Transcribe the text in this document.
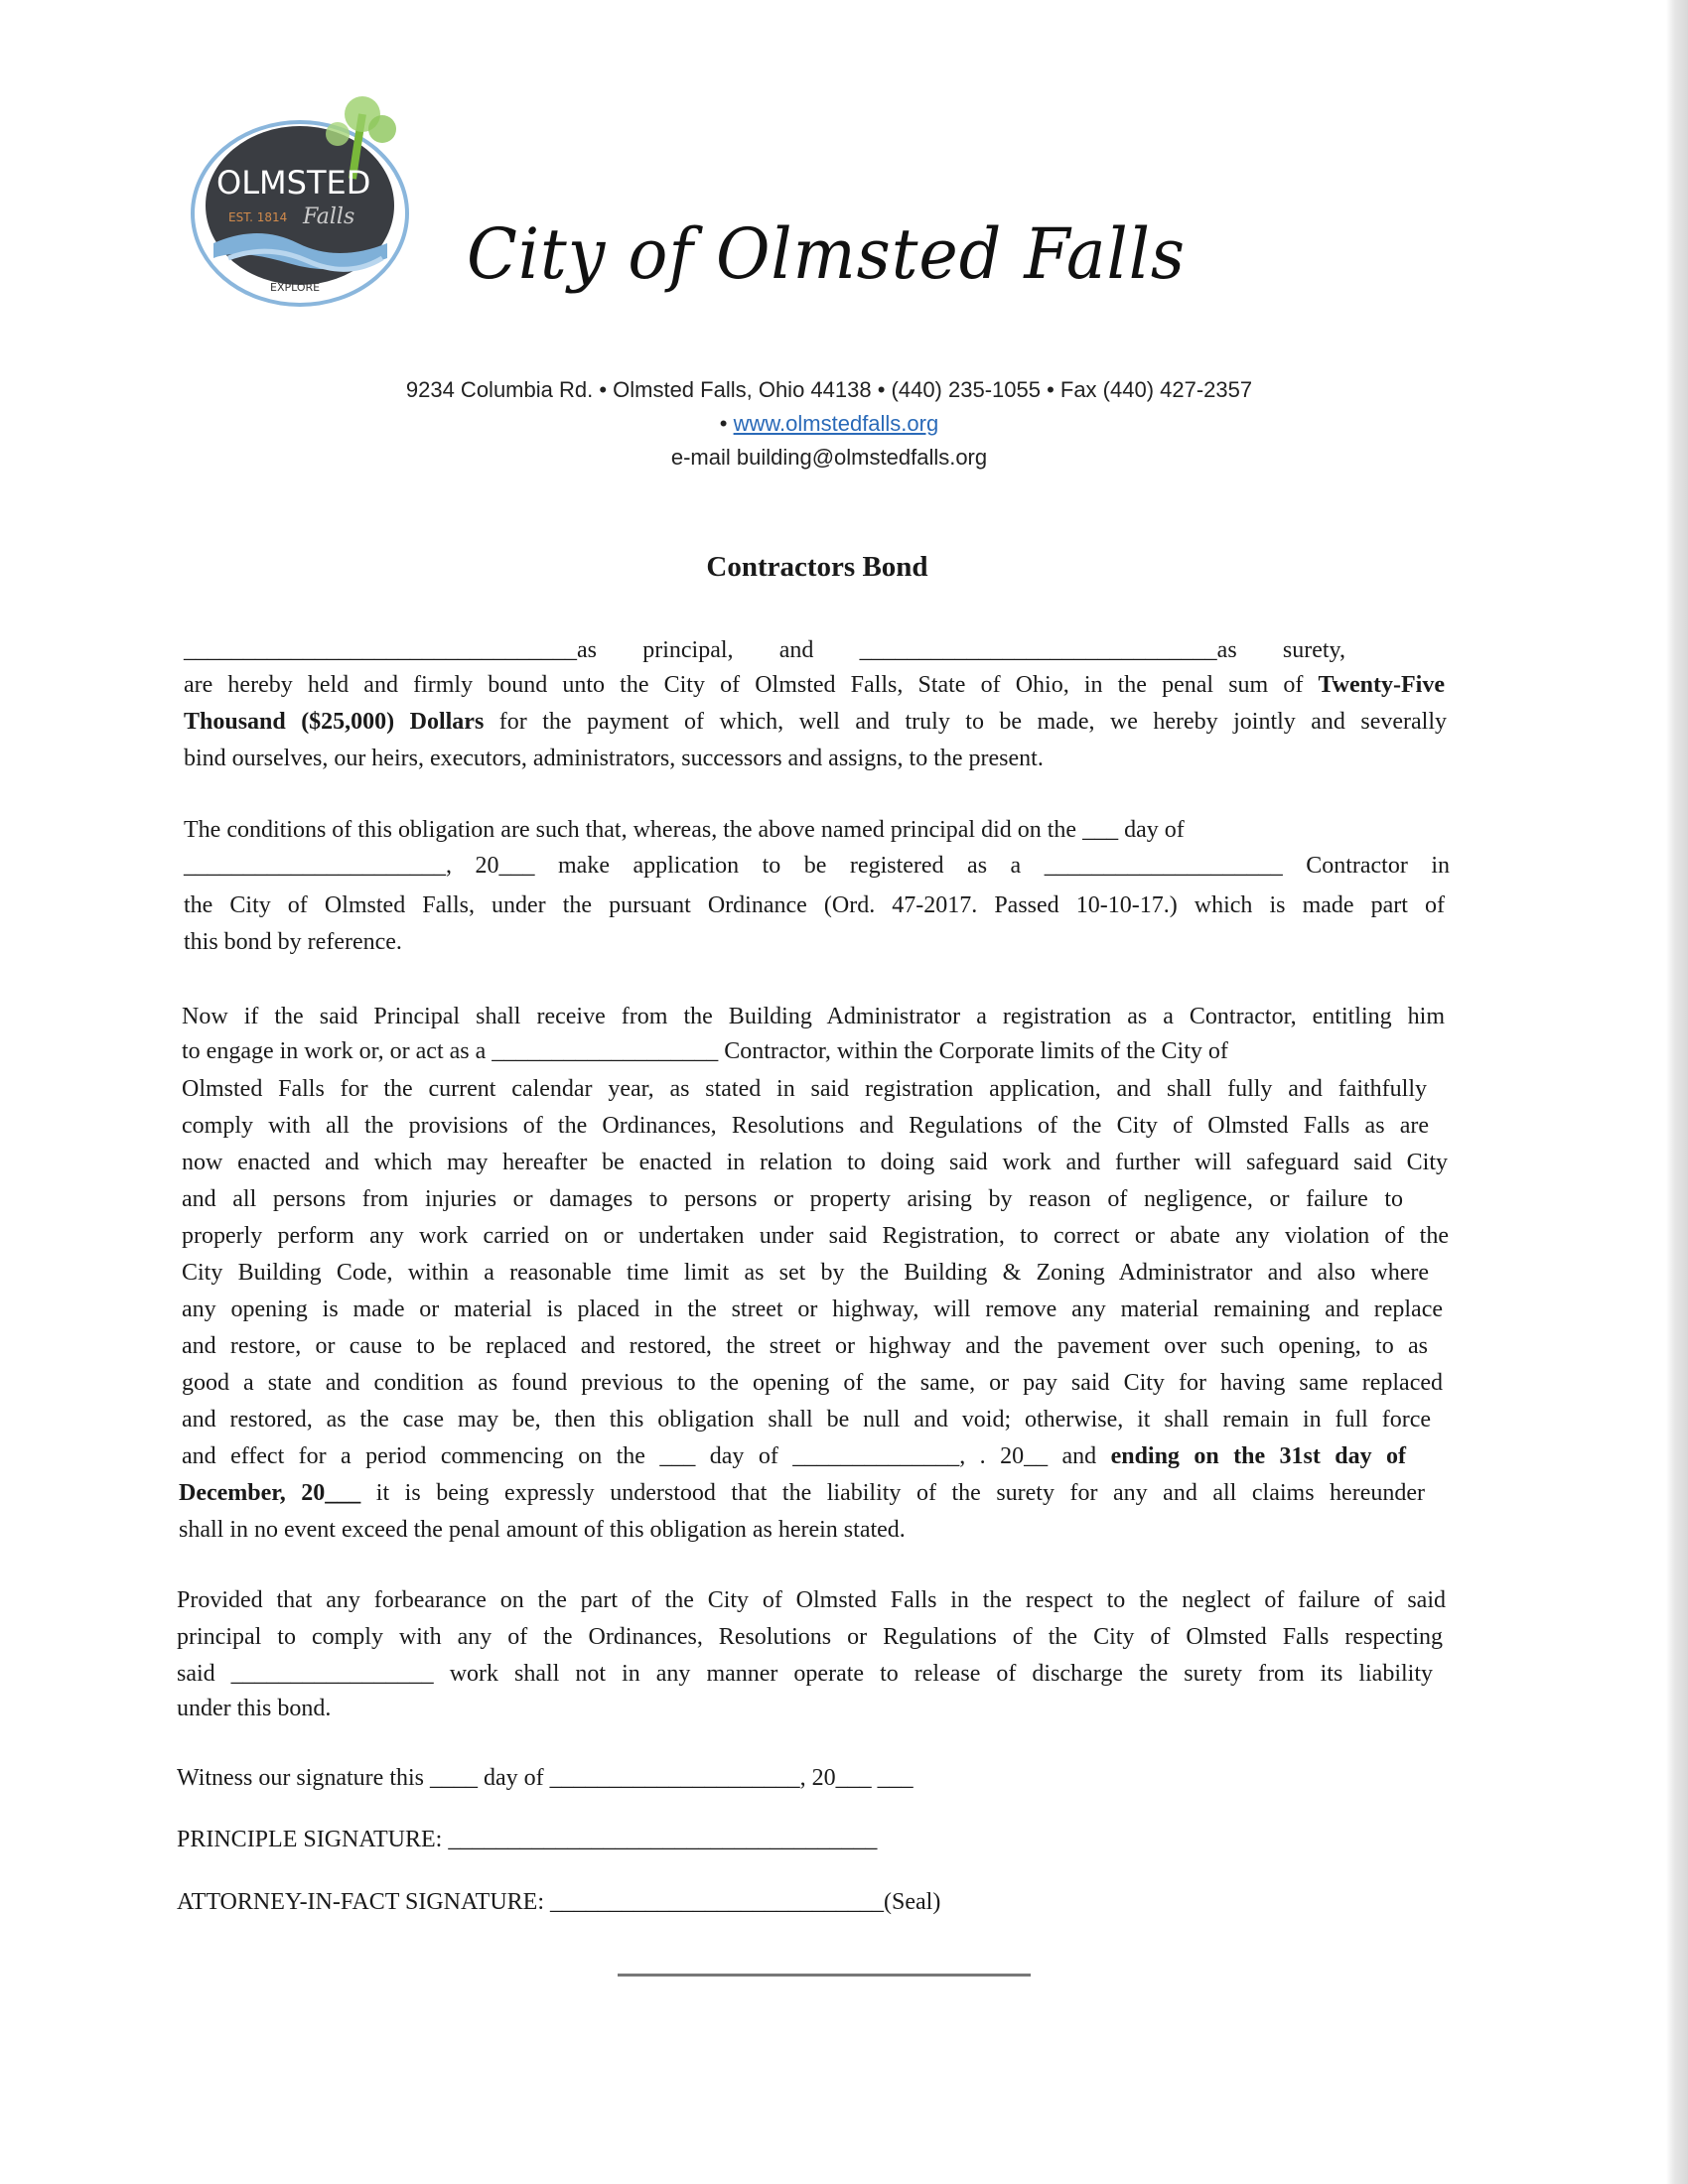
OLMSTED
EST. 1814 Falls
EXPLORE City of Olmsted Falls
9234 Columbia Rd. • Olmsted Falls, Ohio 44138 • (440) 235-1055 • Fax (440) 427-2357
• www.olmstedfalls.org
e-mail building@olmstedfalls.org
Contractors Bond
_________________________________as principal, and ______________________________as surety,
are hereby held and firmly bound unto the City of Olmsted Falls, State of Ohio, in the penal sum of Twenty-Five
Thousand ($25,000) Dollars for the payment of which, well and truly to be made, we hereby jointly and severally
bind ourselves, our heirs, executors, administrators, successors and assigns, to the present.
The conditions of this obligation are such that, whereas, the above named principal did on the ___ day of
______________________, 20___ make application to be registered as a ____________________ Contractor in
the City of Olmsted Falls, under the pursuant Ordinance (Ord. 47-2017. Passed 10-10-17.) which is made part of
this bond by reference.
Now if the said Principal shall receive from the Building Administrator a registration as a Contractor, entitling him
to engage in work or, or act as a ___________________ Contractor, within the Corporate limits of the City of
Olmsted Falls for the current calendar year, as stated in said registration application, and shall fully and faithfully
comply with all the provisions of the Ordinances, Resolutions and Regulations of the City of Olmsted Falls as are
now enacted and which may hereafter be enacted in relation to doing said work and further will safeguard said City
and all persons from injuries or damages to persons or property arising by reason of negligence, or failure to
properly perform any work carried on or undertaken under said Registration, to correct or abate any violation of the
City Building Code, within a reasonable time limit as set by the Building & Zoning Administrator and also where
any opening is made or material is placed in the street or highway, will remove any material remaining and replace
and restore, or cause to be replaced and restored, the street or highway and the pavement over such opening, to as
good a state and condition as found previous to the opening of the same, or pay said City for having same replaced
and restored, as the case may be, then this obligation shall be null and void; otherwise, it shall remain in full force
and effect for a period commencing on the ___ day of ______________, . 20__ and ending on the 31st day of
December, 20___ it is being expressly understood that the liability of the surety for any and all claims hereunder
shall in no event exceed the penal amount of this obligation as herein stated.
Provided that any forbearance on the part of the City of Olmsted Falls in the respect to the neglect of failure of said
principal to comply with any of the Ordinances, Resolutions or Regulations of the City of Olmsted Falls respecting
said _________________ work shall not in any manner operate to release of discharge the surety from its liability
under this bond.
Witness our signature this ____ day of _____________________, 20___ ___
PRINCIPLE SIGNATURE: ____________________________________
ATTORNEY-IN-FACT SIGNATURE: ____________________________(Seal)
